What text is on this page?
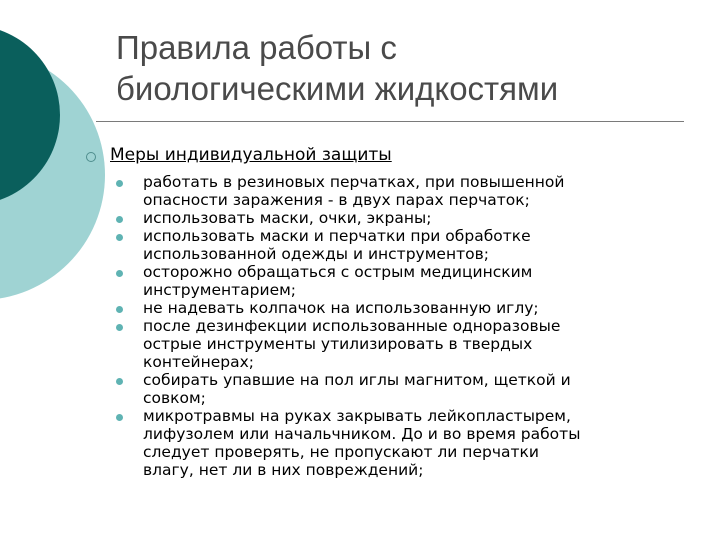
Правила работы с
биологическими жидкостями
Меры индивидуальной защиты
работать в резиновых перчатках, при повышенной
опасности заражения - в двух парах перчаток;
использовать маски, очки, экраны;
использовать маски и перчатки при обработке
использованной одежды и инструментов;
осторожно обращаться с острым медицинским
инструментарием;
не надевать колпачок на использованную иглу;
после дезинфекции использованные одноразовые
острые инструменты утилизировать в твердых
контейнерах;
собирать упавшие на пол иглы магнитом, щеткой и
совком;
микротравмы на руках закрывать лейкопластырем,
лифузолем или начальчником. До и во время работы
следует проверять, не пропускают ли перчатки
влагу, нет ли в них повреждений;
